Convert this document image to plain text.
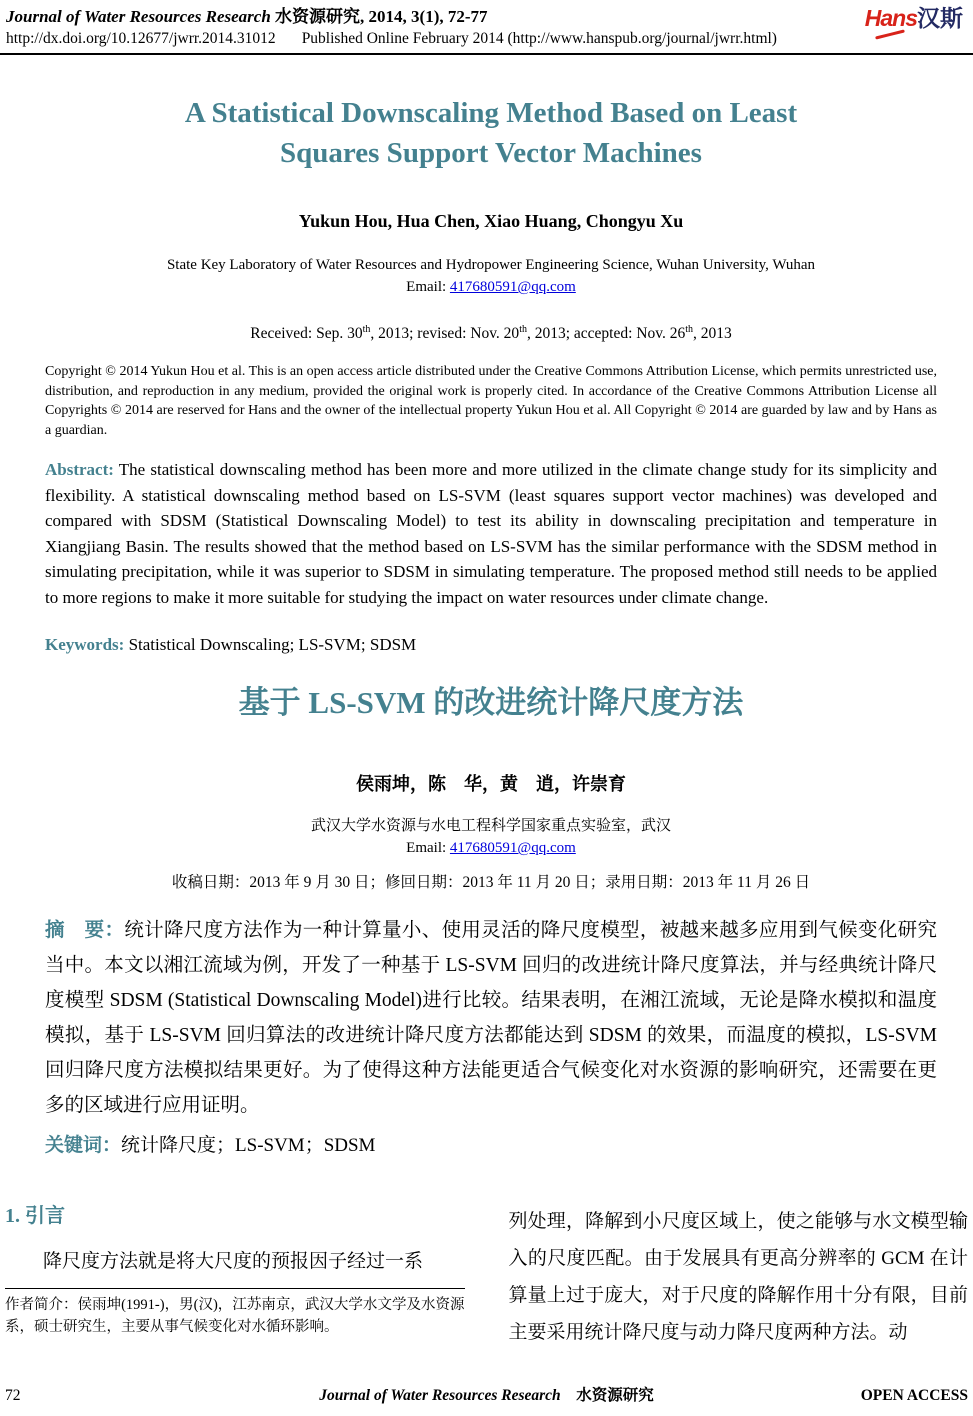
Journal of Water Resources Research 水资源研究, 2014, 3(1), 72-77
http://dx.doi.org/10.12677/jwrr.2014.31012 Published Online February 2014 (http://www.hanspub.org/journal/jwrr.html)
Hans汉斯
A Statistical Downscaling Method Based on Least
Squares Support Vector Machines
Yukun Hou, Hua Chen, Xiao Huang, Chongyu Xu
State Key Laboratory of Water Resources and Hydropower Engineering Science, Wuhan University, Wuhan
Email: 417680591@qq.com
Received: Sep. 30th, 2013; revised: Nov. 20th, 2013; accepted: Nov. 26th, 2013

Copyright © 2014 Yukun Hou et al. This is an open access article distributed under the Creative Commons Attribution License, which permits unrestricted use, distribution, and reproduction in any medium, provided the original work is properly cited. In accordance of the Creative Commons Attribution License all Copyrights © 2014 are reserved for Hans and the owner of the intellectual property Yukun Hou et al. All Copyright © 2014 are guarded by law and by Hans as a guardian.

Abstract: The statistical downscaling method has been more and more utilized in the climate change study for its simplicity and flexibility. A statistical downscaling method based on LS-SVM (least squares support vector machines) was developed and compared with SDSM (Statistical Downscaling Model) to test its ability in downscaling precipitation and temperature in Xiangjiang Basin. The results showed that the method based on LS-SVM has the similar performance with the SDSM method in simulating precipitation, while it was superior to SDSM in simulating temperature. The proposed method still needs to be applied to more regions to make it more suitable for studying the impact on water resources under climate change.

Keywords: Statistical Downscaling; LS-SVM; SDSM

基于 LS-SVM 的改进统计降尺度方法
侯雨坤，陈　华，黄　逍，许崇育
武汉大学水资源与水电工程科学国家重点实验室，武汉
Email: 417680591@qq.com
收稿日期：2013 年 9 月 30 日；修回日期：2013 年 11 月 20 日；录用日期：2013 年 11 月 26 日

摘　要：统计降尺度方法作为一种计算量小、使用灵活的降尺度模型，被越来越多应用到气候变化研究当中。本文以湘江流域为例，开发了一种基于 LS-SVM 回归的改进统计降尺度算法，并与经典统计降尺度模型 SDSM (Statistical Downscaling Model)进行比较。结果表明，在湘江流域，无论是降水模拟和温度模拟，基于 LS-SVM 回归算法的改进统计降尺度方法都能达到 SDSM 的效果，而温度的模拟，LS-SVM 回归降尺度方法模拟结果更好。为了使得这种方法能更适合气候变化对水资源的影响研究，还需要在更多的区域进行应用证明。

关键词：统计降尺度；LS-SVM；SDSM

1. 引言

降尺度方法就是将大尺度的预报因子经过一系

作者简介：侯雨坤(1991-)，男(汉)，江苏南京，武汉大学水文学及水资源系，硕士研究生，主要从事气候变化对水循环影响。

列处理，降解到小尺度区域上，使之能够与水文模型输入的尺度匹配。由于发展具有更高分辨率的 GCM 在计算量上过于庞大，对于尺度的降解作用十分有限，目前主要采用统计降尺度与动力降尺度两种方法。动

72	Journal of Water Resources Research　 水资源研究	OPEN ACCESS
